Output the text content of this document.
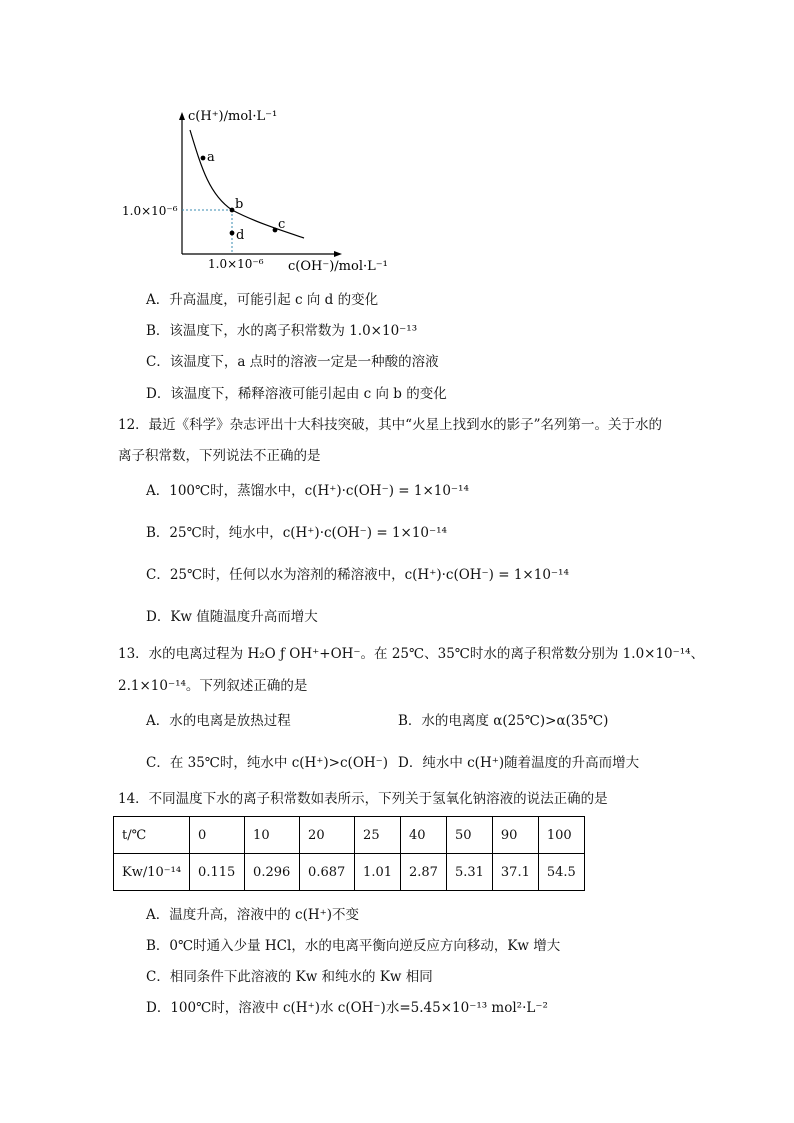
a
b
c
d
c(H⁺)/mol·L⁻¹
c(OH⁻)/mol·L⁻¹
1.0×10⁻⁶
1.0×10⁻⁶
A．升高温度，可能引起 c 向 d 的变化
B．该温度下，水的离子积常数为 1.0×10⁻¹³
C．该温度下，a 点时的溶液一定是一种酸的溶液
D．该温度下，稀释溶液可能引起由 c 向 b 的变化
12．最近《科学》杂志评出十大科技突破，其中“火星上找到水的影子”名列第一。关于水的
离子积常数，下列说法不正确的是
A．100℃时，蒸馏水中，c(H⁺)·c(OH⁻) = 1×10⁻¹⁴
B．25℃时，纯水中，c(H⁺)·c(OH⁻) = 1×10⁻¹⁴
C．25℃时，任何以水为溶剂的稀溶液中，c(H⁺)·c(OH⁻) = 1×10⁻¹⁴
D．Kw 值随温度升高而增大
13．水的电离过程为 H₂O ƒ OH⁺+OH⁻。在 25℃、35℃时水的离子积常数分别为 1.0×10⁻¹⁴、
2.1×10⁻¹⁴。下列叙述正确的是
A．水的电离是放热过程	B．水的电离度 α(25℃)>α(35℃)
C．在 35℃时，纯水中 c(H⁺)>c(OH⁻) D．纯水中 c(H⁺)随着温度的升高而增大
14．不同温度下水的离子积常数如表所示，下列关于氢氧化钠溶液的说法正确的是
t/℃	0	10	20	25	40	50	90	100
Kw/10⁻¹⁴	0.115	0.296	0.687	1.01	2.87	5.31	37.1	54.5
A．温度升高，溶液中的 c(H⁺)不变
B．0℃时通入少量 HCl，水的电离平衡向逆反应方向移动，Kw 增大
C．相同条件下此溶液的 Kw 和纯水的 Kw 相同
D．100℃时，溶液中 c(H⁺)水 c(OH⁻)水=5.45×10⁻¹³ mol²·L⁻²
